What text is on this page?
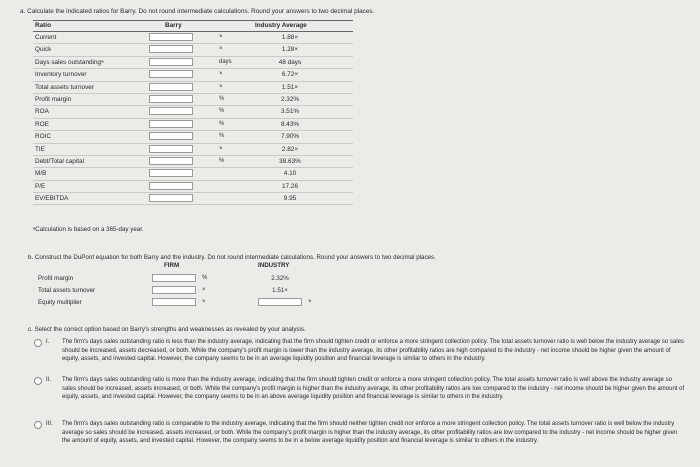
a. Calculate the indicated ratios for Barry. Do not round intermediate calculations. Round your answers to two decimal places.
Ratio	Barry	Industry Average
Current	×	1.88×
Quick	×	1.28×
Days sales outstandingᵃ	days	48 days
Inventory turnover	×	6.72×
Total assets turnover	×	1.51×
Profit margin	%	2.32%
ROA	%	3.51%
ROE	%	8.43%
ROIC	%	7.90%
TIE	×	2.82×
Debt/Total capital	%	38.63%
M/B	4.10
P/E	17.26
EV/EBITDA	9.95
ᵃCalculation is based on a 365-day year.
b. Construct the DuPont equation for both Barry and the industry. Do not round intermediate calculations. Round your answers to two decimal places.
FIRM	INDUSTRY
Profit margin	%	2.32%
Total assets turnover	×	1.51×
Equity multiplier	×	×
c. Select the correct option based on Barry's strengths and weaknesses as revealed by your analysis.
I. The firm's days sales outstanding ratio is less than the industry average, indicating that the firm should tighten credit or enforce a more stringent collection policy. The total assets turnover ratio is well below the industry average so sales should be increased, assets decreased, or both. While the company's profit margin is lower than the industry average, its other profitability ratios are high compared to the industry - net income should be higher given the amount of equity, assets, and invested capital. However, the company seems to be in an average liquidity position and financial leverage is similar to others in the industry.
II. The firm's days sales outstanding ratio is more than the industry average, indicating that the firm should tighten credit or enforce a more stringent collection policy. The total assets turnover ratio is well above the industry average so sales should be increased, assets increased, or both. While the company's profit margin is higher than the industry average, its other profitability ratios are low compared to the industry - net income should be higher given the amount of equity, assets, and invested capital. However, the company seems to be in an above average liquidity position and financial leverage is similar to others in the industry.
III. The firm's days sales outstanding ratio is comparable to the industry average, indicating that the firm should neither tighten credit nor enforce a more stringent collection policy. The total assets turnover ratio is well below the industry average so sales should be increased, assets increased, or both. While the company's profit margin is higher than the industry average, its other profitability ratios are low compared to the industry - net income should be higher given the amount of equity, assets, and invested capital. However, the company seems to be in a below average liquidity position and financial leverage is similar to others in the industry.
